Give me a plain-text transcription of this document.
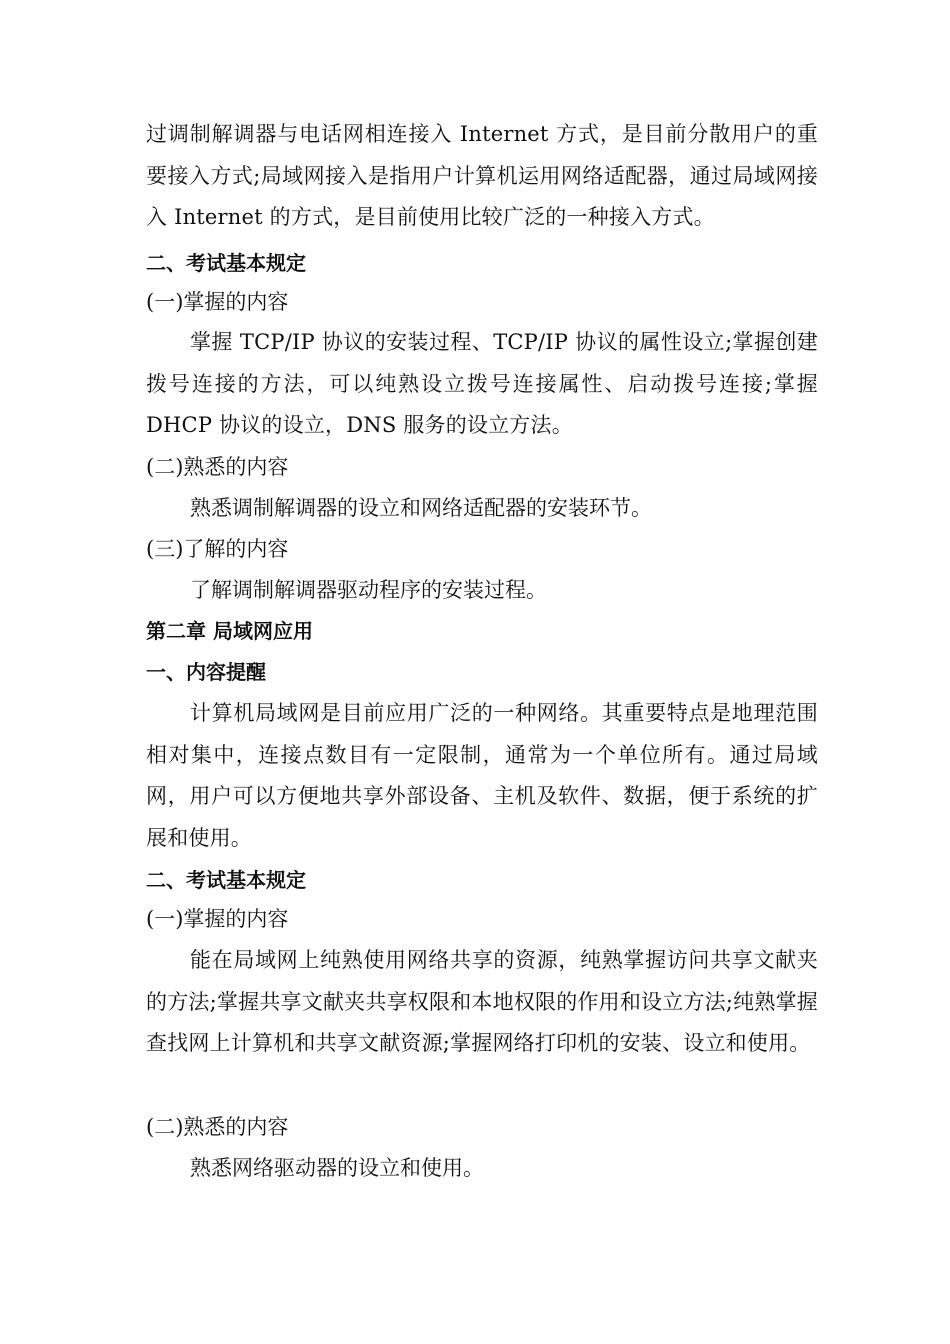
过调制解调器与电话网相连接入 Internet 方式，是目前分散用户的重要接入方式;局域网接入是指用户计算机运用网络适配器，通过局域网接入 Internet 的方式，是目前使用比较广泛的一种接入方式。
二、考试基本规定
(一)掌握的内容
掌握 TCP/IP 协议的安装过程、TCP/IP 协议的属性设立;掌握创建拨号连接的方法，可以纯熟设立拨号连接属性、启动拨号连接;掌握 DHCP 协议的设立，DNS 服务的设立方法。
(二)熟悉的内容
熟悉调制解调器的设立和网络适配器的安装环节。
(三)了解的内容
了解调制解调器驱动程序的安装过程。
第二章 局域网应用
一、内容提醒
计算机局域网是目前应用广泛的一种网络。其重要特点是地理范围相对集中，连接点数目有一定限制，通常为一个单位所有。通过局域网，用户可以方便地共享外部设备、主机及软件、数据，便于系统的扩展和使用。
二、考试基本规定
(一)掌握的内容
能在局域网上纯熟使用网络共享的资源，纯熟掌握访问共享文献夹的方法;掌握共享文献夹共享权限和本地权限的作用和设立方法;纯熟掌握查找网上计算机和共享文献资源;掌握网络打印机的安装、设立和使用。
(二)熟悉的内容
熟悉网络驱动器的设立和使用。
